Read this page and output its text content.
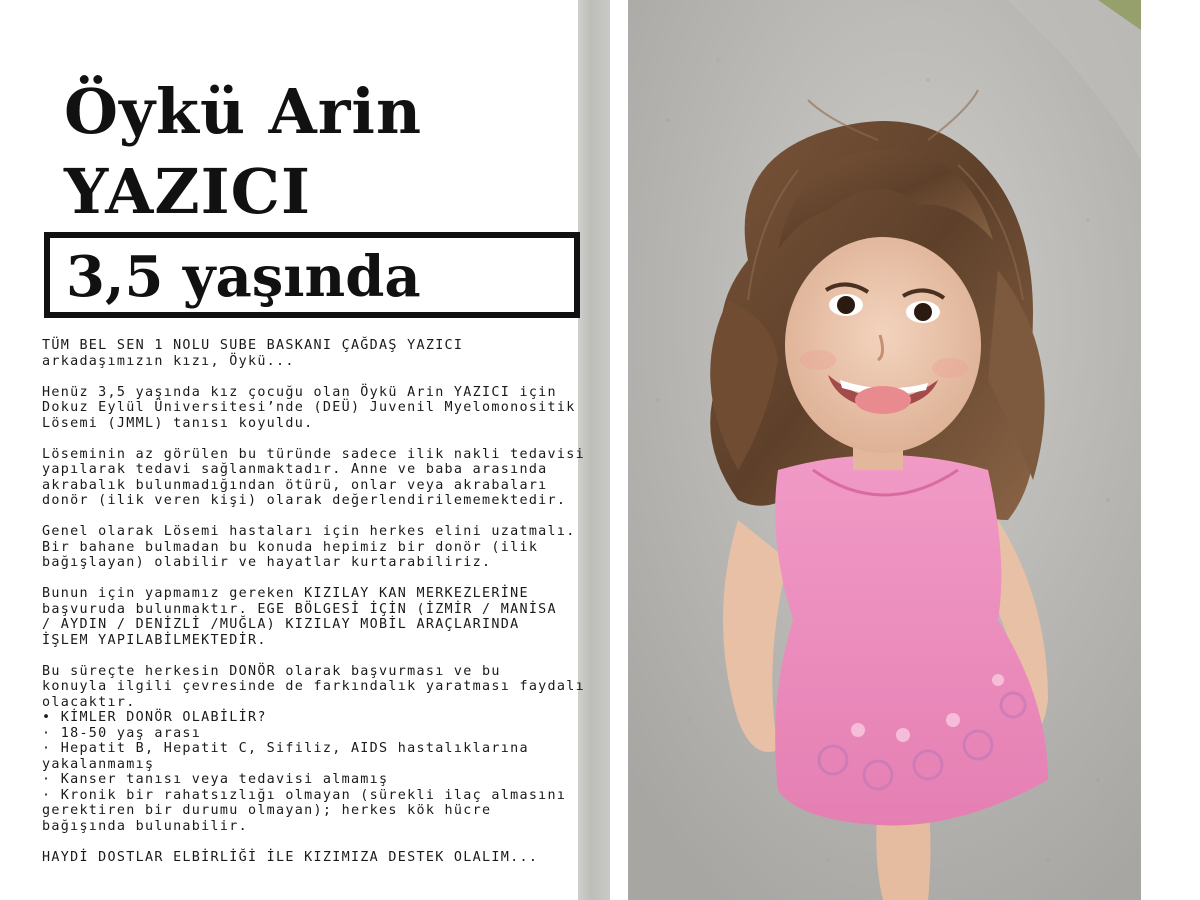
Öykü Arin
YAZICI
3,5 yaşında

TÜM BEL SEN 1 NOLU SUBE BASKANI ÇAĞDAŞ YAZICI
arkadaşımızın kızı, Öykü...

Henüz 3,5 yaşında kız çocuğu olan Öykü Arin YAZICI için
Dokuz Eylül Üniversitesi’nde (DEÜ) Juvenil Myelomonositik
Lösemi (JMML) tanısı koyuldu.

Löseminin az görülen bu türünde sadece ilik nakli tedavisi
yapılarak tedavi sağlanmaktadır. Anne ve baba arasında
akrabalık bulunmadığından ötürü, onlar veya akrabaları
donör (ilik veren kişi) olarak değerlendirilememektedir.

Genel olarak Lösemi hastaları için herkes elini uzatmalı.
Bir bahane bulmadan bu konuda hepimiz bir donör (ilik
bağışlayan) olabilir ve hayatlar kurtarabiliriz.

Bunun için yapmamız gereken KIZILAY KAN MERKEZLERİNE
başvuruda bulunmaktır. EGE BÖLGESİ İÇİN (İZMİR / MANİSA
/ AYDIN / DENİZLİ /MUĞLA) KIZILAY MOBİL ARAÇLARINDA
İŞLEM YAPILABİLMEKTEDİR.

Bu süreçte herkesin DONÖR olarak başvurması ve bu
konuyla ilgili çevresinde de farkındalık yaratması faydalı
olacaktır.
• KİMLER DONÖR OLABİLİR?
· 18-50 yaş arası
· Hepatit B, Hepatit C, Sifiliz, AIDS hastalıklarına
yakalanmamış
· Kanser tanısı veya tedavisi almamış
· Kronik bir rahatsızlığı olmayan (sürekli ilaç almasını
gerektiren bir durumu olmayan); herkes kök hücre
bağışında bulunabilir.

HAYDİ DOSTLAR ELBİRLİĞİ İLE KIZIMIZA DESTEK OLALIM...
